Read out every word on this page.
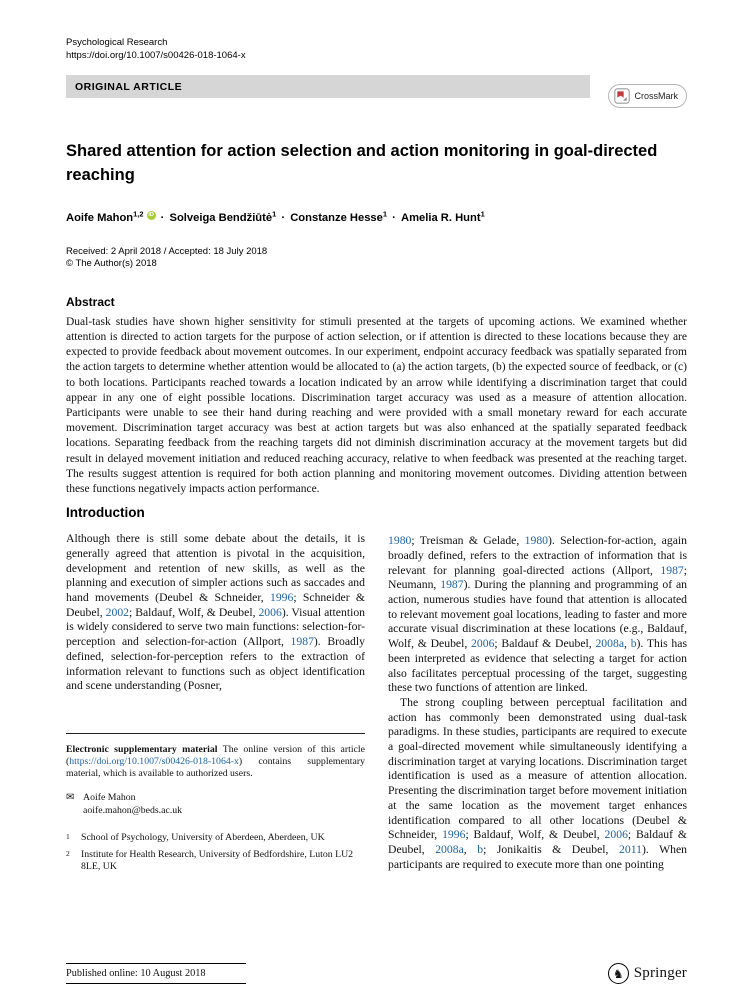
Psychological Research
https://doi.org/10.1007/s00426-018-1064-x
ORIGINAL ARTICLE
CrossMark
Shared attention for action selection and action monitoring in goal-directed reaching
Aoife Mahon$^{1,2}$ iD · Solveiga Bendžiūtė$^1$ · Constanze Hesse$^1$ · Amelia R. Hunt$^1$
Received: 2 April 2018 / Accepted: 18 July 2018
© The Author(s) 2018
Abstract

Dual-task studies have shown higher sensitivity for stimuli presented at the targets of upcoming actions. We examined whether attention is directed to action targets for the purpose of action selection, or if attention is directed to these locations because they are expected to provide feedback about movement outcomes. In our experiment, endpoint accuracy feedback was spatially separated from the action targets to determine whether attention would be allocated to (a) the action targets, (b) the expected source of feedback, or (c) to both locations. Participants reached towards a location indicated by an arrow while identifying a discrimination target that could appear in any one of eight possible locations. Discrimination target accuracy was used as a measure of attention allocation. Participants were unable to see their hand during reaching and were provided with a small monetary reward for each accurate movement. Discrimination target accuracy was best at action targets but was also enhanced at the spatially separated feedback locations. Separating feedback from the reaching targets did not diminish discrimination accuracy at the movement targets but did result in delayed movement initiation and reduced reaching accuracy, relative to when feedback was presented at the reaching target. The results suggest attention is required for both action planning and monitoring movement outcomes. Dividing attention between these functions negatively impacts action performance.

Introduction

Although there is still some debate about the details, it is generally agreed that attention is pivotal in the acquisition, development and retention of new skills, as well as the planning and execution of simpler actions such as saccades and hand movements (Deubel & Schneider, 1996; Schneider & Deubel, 2002; Baldauf, Wolf, & Deubel, 2006). Visual attention is widely considered to serve two main functions: selection-for-perception and selection-for-action (Allport, 1987). Broadly defined, selection-for-perception refers to the extraction of information relevant to functions such as object identification and scene understanding (Posner,

Electronic supplementary material The online version of this article (https://doi.org/10.1007/s00426-018-1064-x) contains supplementary material, which is available to authorized users.

✉ Aoife Mahon
aoife.mahon@beds.ac.uk
1	School of Psychology, University of Aberdeen, Aberdeen, UK
2	Institute for Health Research, University of Bedfordshire, Luton LU2 8LE, UK

1980; Treisman & Gelade, 1980). Selection-for-action, again broadly defined, refers to the extraction of information that is relevant for planning goal-directed actions (Allport, 1987; Neumann, 1987). During the planning and programming of an action, numerous studies have found that attention is allocated to relevant movement goal locations, leading to faster and more accurate visual discrimination at these locations (e.g., Baldauf, Wolf, & Deubel, 2006; Baldauf & Deubel, 2008a, b). This has been interpreted as evidence that selecting a target for action also facilitates perceptual processing of the target, suggesting these two functions of attention are linked.

The strong coupling between perceptual facilitation and action has commonly been demonstrated using dual-task paradigms. In these studies, participants are required to execute a goal-directed movement while simultaneously identifying a discrimination target at varying locations. Discrimination target identification is used as a measure of attention allocation. Presenting the discrimination target before movement initiation at the same location as the movement target enhances identification compared to all other locations (Deubel & Schneider, 1996; Baldauf, Wolf, & Deubel, 2006; Baldauf & Deubel, 2008a, b; Jonikaitis & Deubel, 2011). When participants are required to execute more than one pointing

Published online: 10 August 2018	♞ Springer
